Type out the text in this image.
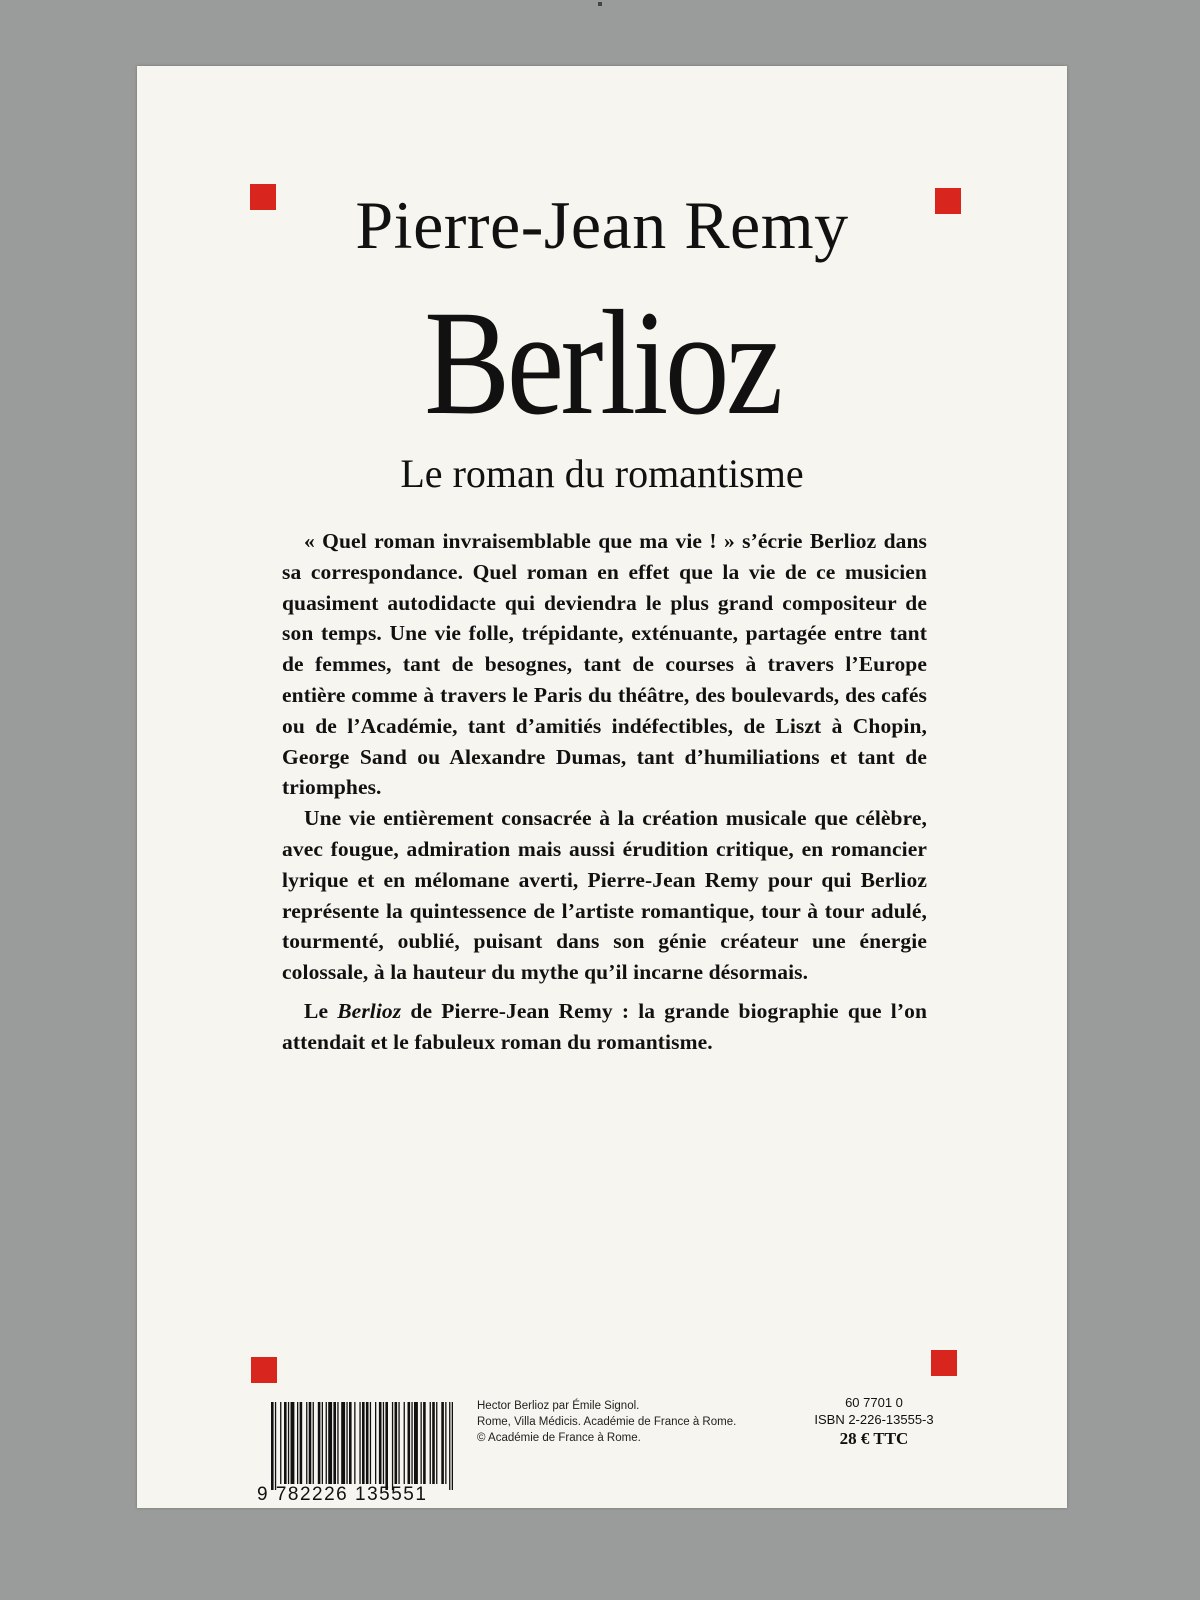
Pierre-Jean Remy
Berlioz
Le roman du romantisme

« Quel roman invraisemblable que ma vie ! » s’écrie Berlioz dans sa correspondance. Quel roman en effet que la vie de ce musicien quasiment autodidacte qui deviendra le plus grand compositeur de son temps. Une vie folle, trépidante, exténuante, partagée entre tant de femmes, tant de besognes, tant de courses à travers l’Europe entière comme à travers le Paris du théâtre, des boulevards, des cafés ou de l’Académie, tant d’amitiés indéfectibles, de Liszt à Chopin, George Sand ou Alexandre Dumas, tant d’humiliations et tant de triomphes.

Une vie entièrement consacrée à la création musicale que célèbre, avec fougue, admiration mais aussi érudition critique, en romancier lyrique et en mélomane averti, Pierre-Jean Remy pour qui Berlioz représente la quintessence de l’artiste romantique, tour à tour adulé, tourmenté, oublié, puisant dans son génie créateur une énergie colossale, à la hauteur du mythe qu’il incarne désormais.

Le Berlioz de Pierre-Jean Remy : la grande biographie que l’on attendait et le fabuleux roman du romantisme.

9 782226 135551
Hector Berlioz par Émile Signol.
Rome, Villa Médicis. Académie de France à Rome.
© Académie de France à Rome.
60 7701 0
ISBN 2-226-13555-3
28 € TTC
